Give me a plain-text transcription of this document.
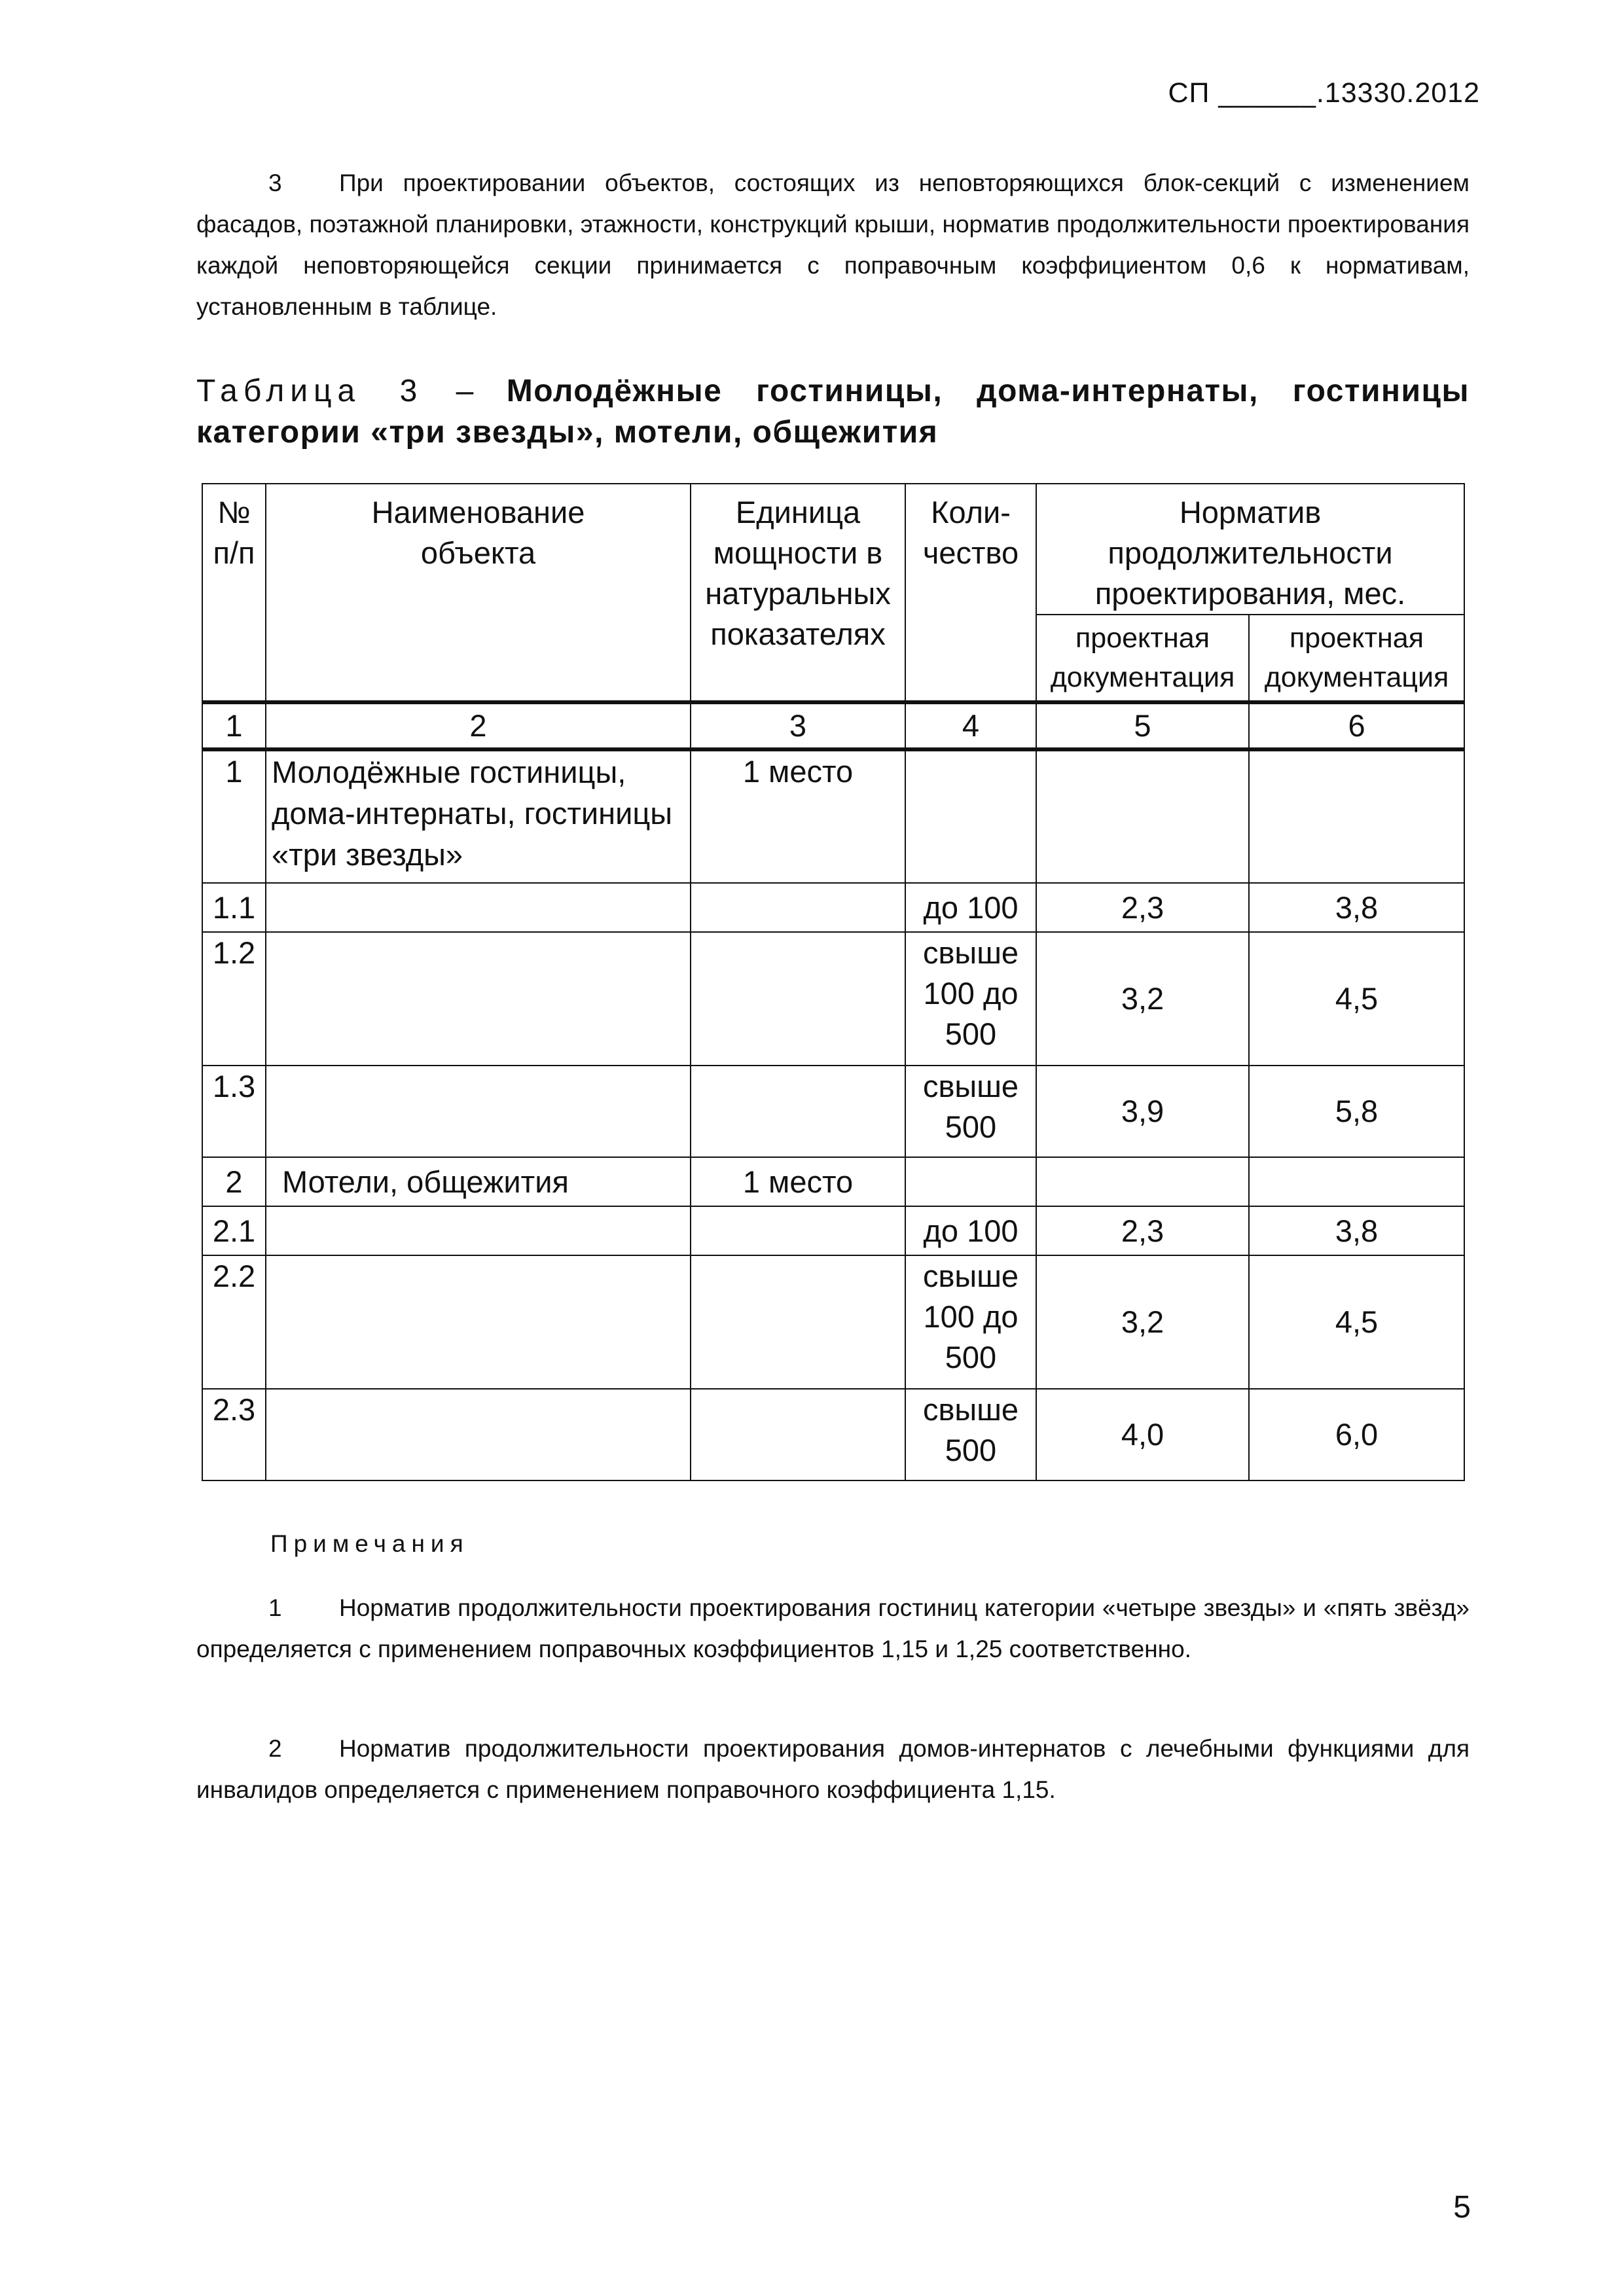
СП ______.13330.2012
3 При проектировании объектов, состоящих из неповторяющихся блок-секций с изменением фасадов, поэтажной планировки, этажности, конструкций крыши, норматив продолжительности проектирования каждой неповторяющейся секции принимается с поправочным коэффициентом 0,6 к нормативам, установленным в таблице.
Таблица 3 – Молодёжные гостиницы, дома-интернаты, гостиницы категории «три звезды», мотели, общежития
№ п/п	Наименование объекта	Единица мощности в натуральных показателях	Коли-чество	Норматив продолжительности проектирования, мес.	
				проектная документация	проектная документация
1	2	3	4	5	6
1	Молодёжные гостиницы, дома-интернаты, гостиницы «три звезды»	1 место			
1.1			до 100	2,3	3,8
1.2			свыше 100 до 500	3,2	4,5
1.3			свыше 500	3,9	5,8
2	Мотели, общежития	1 место			
2.1			до 100	2,3	3,8
2.2			свыше 100 до 500	3,2	4,5
2.3			свыше 500	4,0	6,0
Примечания
1 Норматив продолжительности проектирования гостиниц категории «четыре звезды» и «пять звёзд» определяется с применением поправочных коэффициентов 1,15 и 1,25 соответственно.
2 Норматив продолжительности проектирования домов-интернатов с лечебными функциями для инвалидов определяется с применением поправочного коэффициента 1,15.
5
